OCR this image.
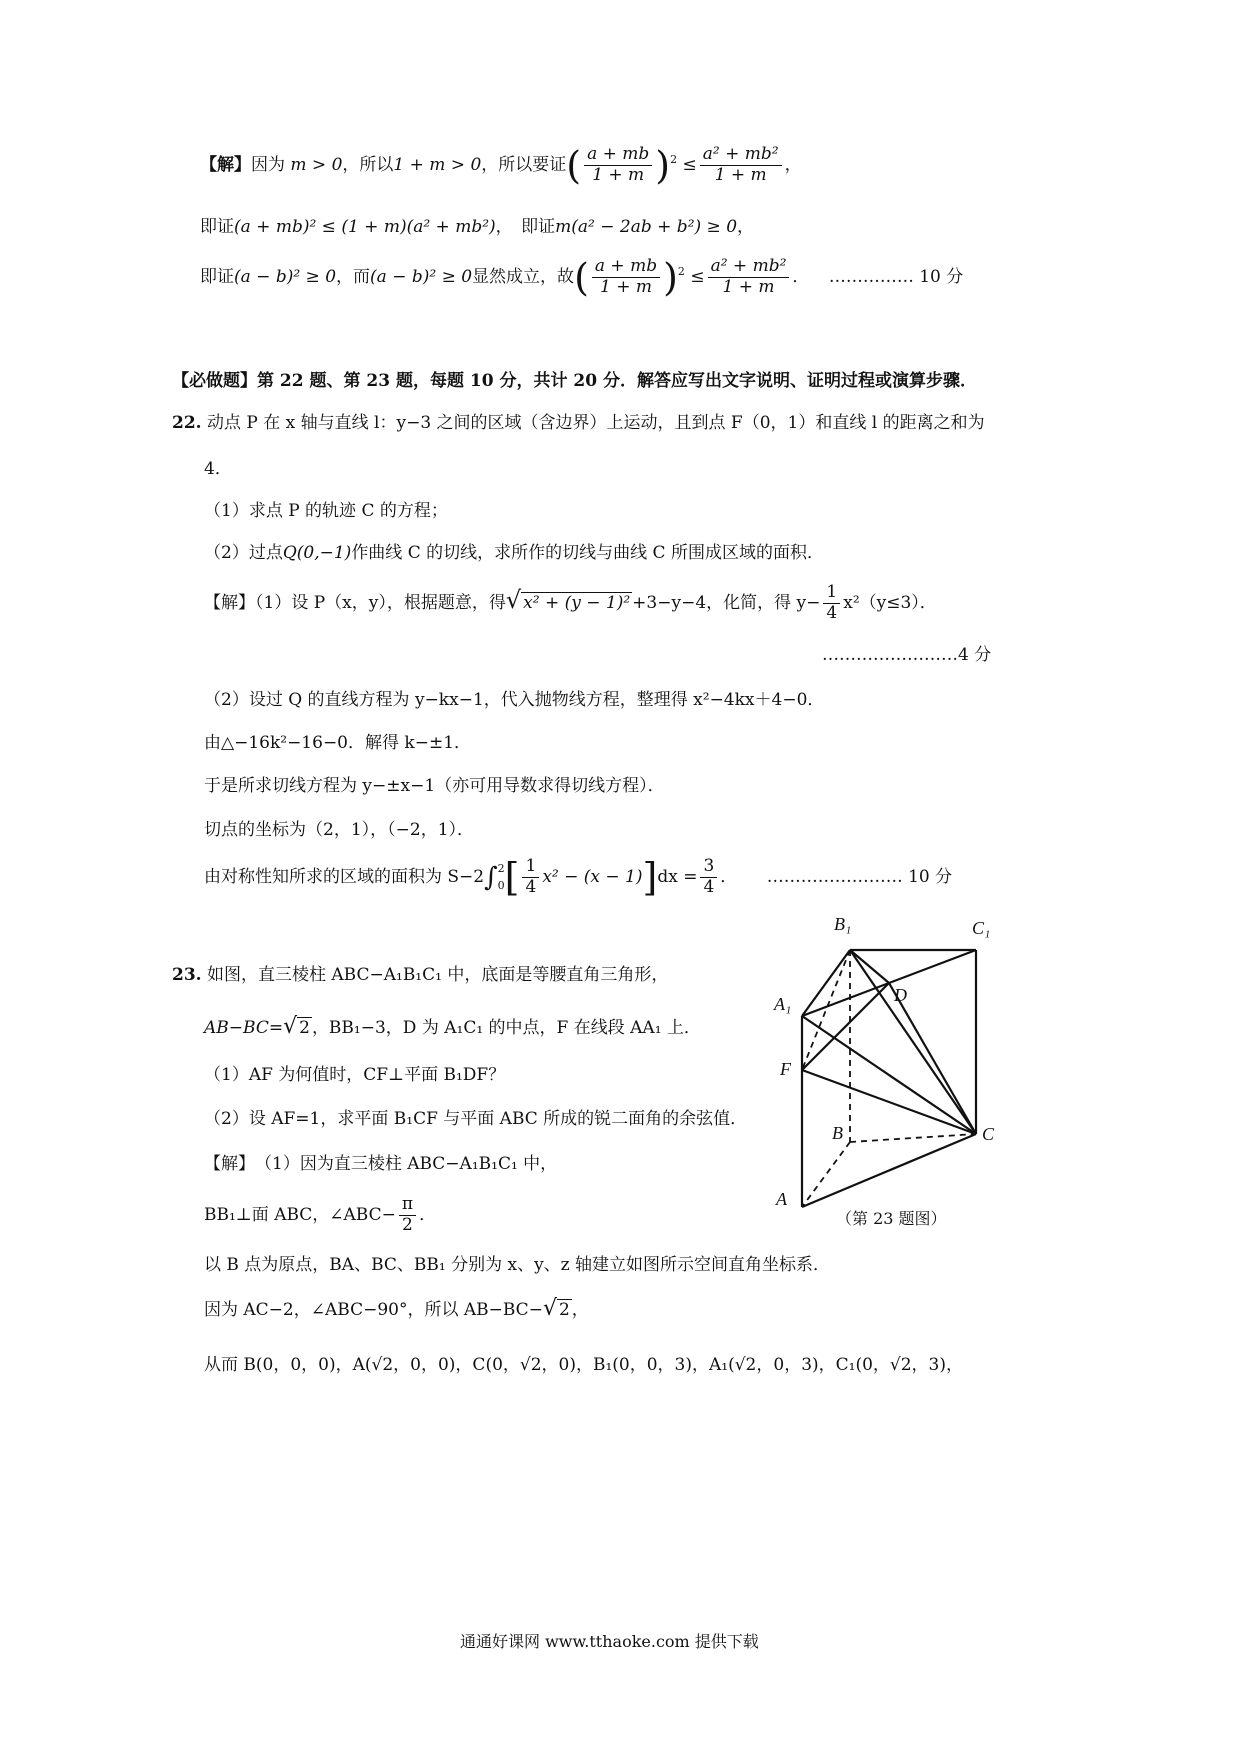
【解】因为 m > 0，所以1 + m > 0，所以要证( $\frac{a + mb}{1 + m} )^2 \le \frac{\text{a² + mb²}}{1 + m}$ ，
即证(a + mb)² ≤ (1 + m)(a² + mb²)，　即证m(a² − 2ab + b²) ≥ 0，
即证(a − b)² ≥ 0，而(a − b)² ≥ 0显然成立，故( $\frac{a + mb}{1 + m} )^2 \le \frac{\text{a² + mb²}}{1 + m}$ ． …………… 10 分
【必做题】第 22 题、第 23 题，每题 10 分，共计 20 分．解答应写出文字说明、证明过程或演算步骤．
22. 动点 P 在 x 轴与直线 l：y−3 之间的区域（含边界）上运动，且到点 F（0，1）和直线 l 的距离之和为
4．
（1）求点 P 的轨迹 C 的方程；
（2）过点Q(0,−1)作曲线 C 的切线，求所作的切线与曲线 C 所围成区域的面积．
【解】（1）设 P（x，y），根据题意，得√ x² + (y − 1)² +3−y−4，化简，得 $y- \frac{1}{4} x^2(y\le 3)$．
……………………4 分
（2）设过 Q 的直线方程为 y−kx−1，代入抛物线方程，整理得 x²−4kx＋4−0．
由△−16k²−16−0．解得 k−±1．
于是所求切线方程为 y−±x−1（亦可用导数求得切线方程）．
切点的坐标为（2，1），（−2，1）．
由对称性知所求的区域的面积为 S−2∫ 2
0 [ $\frac{1}{4} x^2 - (x - 1)]dx = \frac{3}{4}$ ． …………………… 10 分
23. 如图，直三棱柱 ABC−A₁B₁C₁ 中，底面是等腰直角三角形，
AB−BC=√ 2 ，BB₁−3，D 为 A₁C₁ 的中点，F 在线段 AA₁ 上．
（1）AF 为何值时，CF⊥平面 B₁DF？
（2）设 AF=1，求平面 B₁CF 与平面 ABC 所成的锐二面角的余弦值．
【解】　（1）因为直三棱柱 ABC−A₁B₁C₁ 中，
BB₁⊥面 ABC，∠ABC− $\frac{\pi}{2}$ ．
以 B 点为原点，BA、BC、BB₁ 分别为 x、y、z 轴建立如图所示空间直角坐标系．
因为 AC−2，∠ABC−90°，所以 AB−BC−√ 2 ，
从而 B(0，0，0)，A(√2，0，0)，C(0，√2，0)，B₁(0，0，3)，A₁(√2，0，3)，C₁(0，√2，3)，
B₁	C₁
A₁	D
F
B	C
A
（第 23 题图）
通通好课网 www.tthaoke.com 提供下载
